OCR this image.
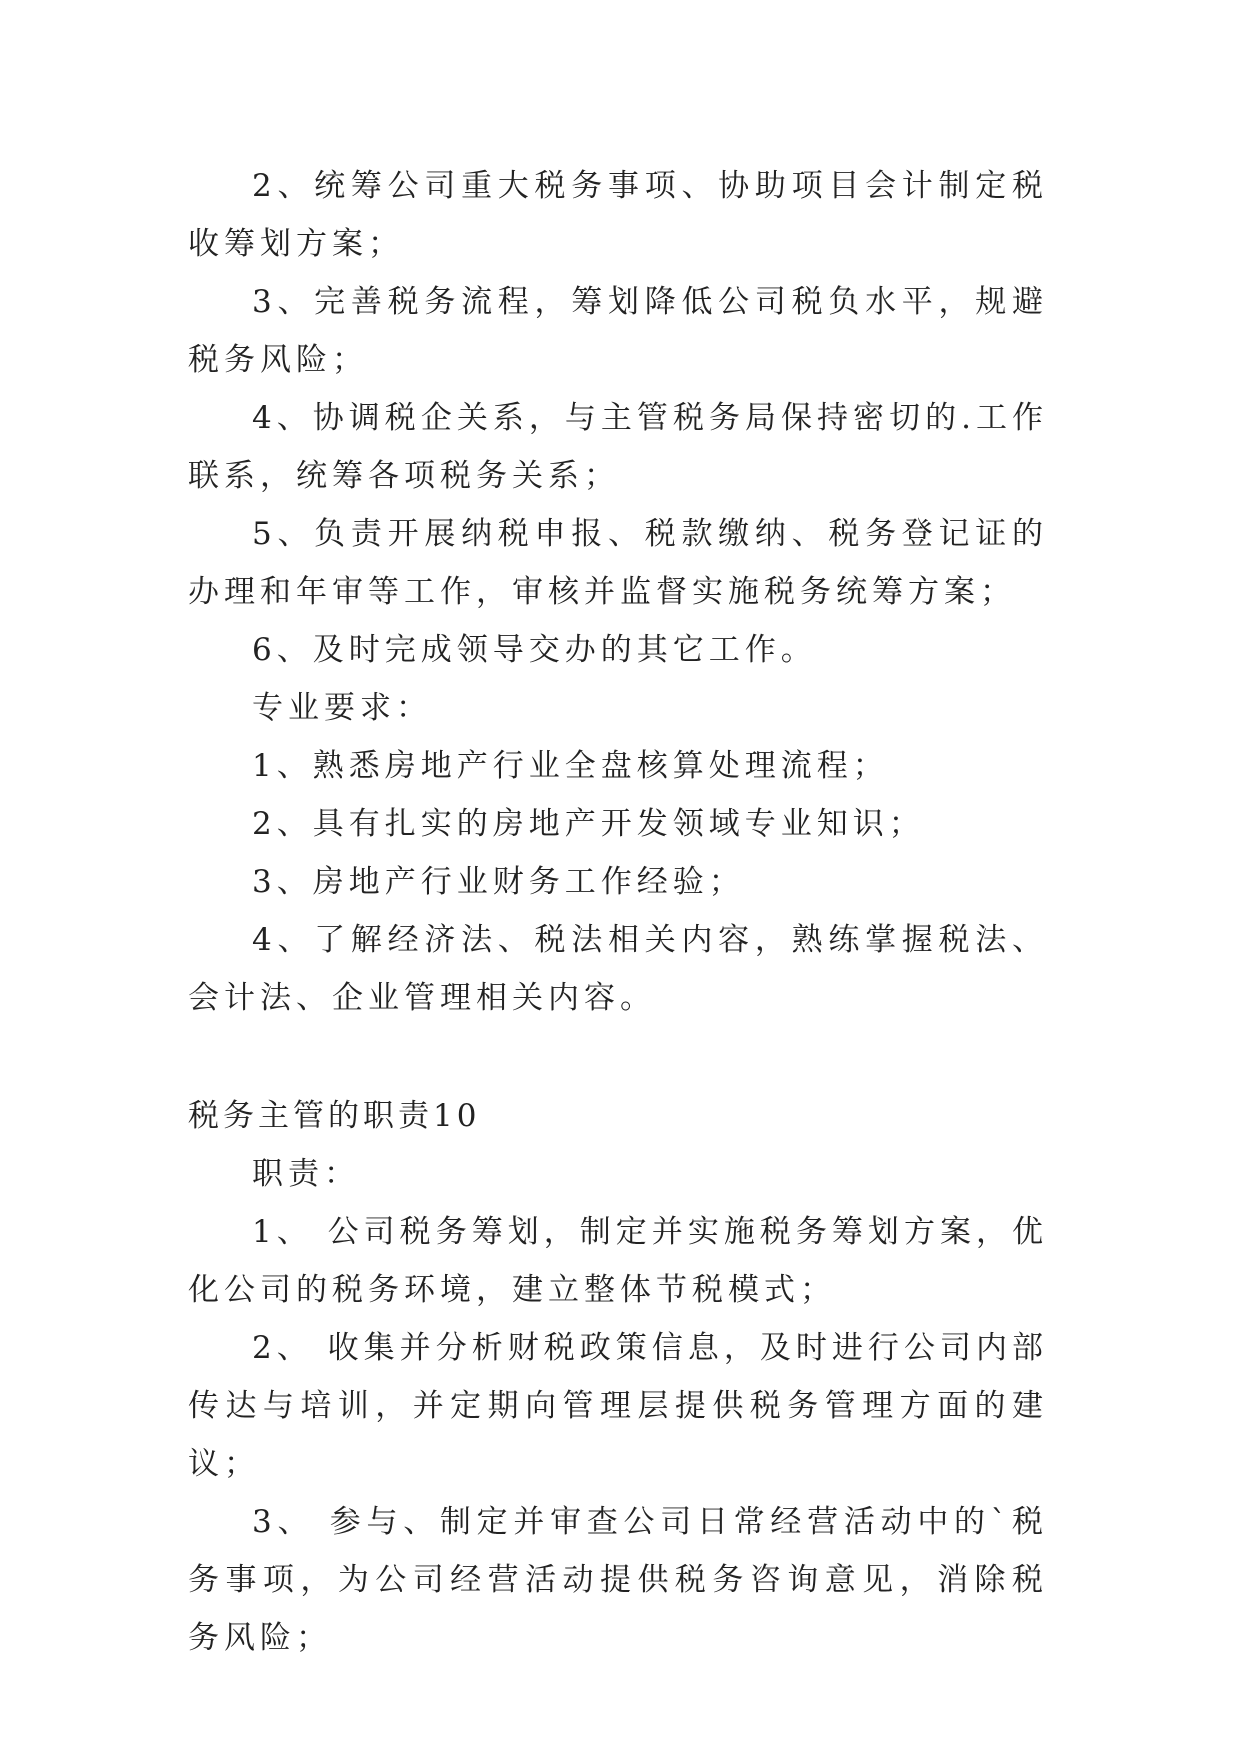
2、统筹公司重大税务事项、协助项目会计制定税收筹划方案；

3、完善税务流程，筹划降低公司税负水平，规避税务风险；

4、协调税企关系，与主管税务局保持密切的.工作联系，统筹各项税务关系；

5、负责开展纳税申报、税款缴纳、税务登记证的办理和年审等工作，审核并监督实施税务统筹方案；

6、及时完成领导交办的其它工作。

专业要求：

1、熟悉房地产行业全盘核算处理流程；

2、具有扎实的房地产开发领域专业知识；

3、房地产行业财务工作经验；

4、了解经济法、税法相关内容，熟练掌握税法、会计法、企业管理相关内容。

税务主管的职责10

职责：

1、 公司税务筹划，制定并实施税务筹划方案，优化公司的税务环境，建立整体节税模式；

2、 收集并分析财税政策信息，及时进行公司内部传达与培训，并定期向管理层提供税务管理方面的建议；

3、 参与、制定并审查公司日常经营活动中的`税务事项，为公司经营活动提供税务咨询意见，消除税务风险；
